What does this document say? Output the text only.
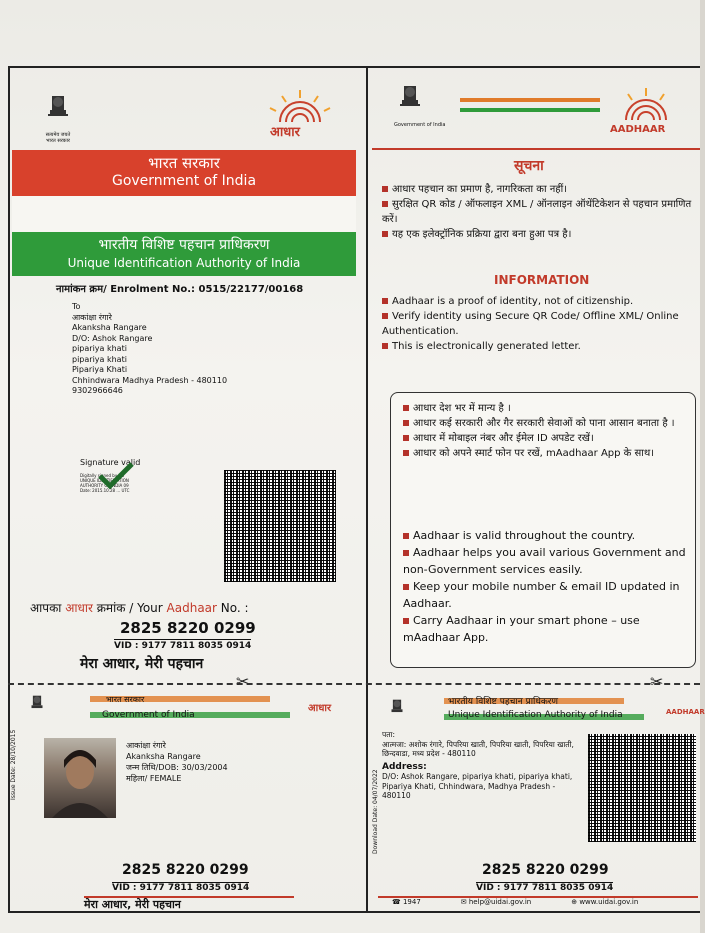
✂	✂
सत्यमेव जयते
भारत सरकार
आधार
भारत सरकार
Government of India
भारतीय विशिष्ट पहचान प्राधिकरण
Unique Identification Authority of India
नामांकन क्रम/ Enrolment No.: 0515/22177/00168
To
आकांक्षा रंगारे
Akanksha Rangare
D/O: Ashok Rangare
pipariya khati
pipariya khati
Pipariya Khati
Chhindwara Madhya Pradesh - 480110
9302966646
Signature valid
Digitally signed by DS UNIQUE IDENTIFICATION AUTHORITY OF INDIA 09 Date: 2015.10.28 ... UTC
आपका आधार क्रमांक / Your Aadhaar No. :
2825 8220 0299
VID : 9177 7811 8035 0914
मेरा आधार, मेरी पहचान
Government of India	AADHAAR
सूचना
आधार पहचान का प्रमाण है, नागरिकता का नहीं।
सुरक्षित QR कोड / ऑफलाइन XML / ऑनलाइन ऑथेंटिकेशन से पहचान प्रमाणित करें।
यह एक इलेक्ट्रॉनिक प्रक्रिया द्वारा बना हुआ पत्र है।
INFORMATION
Aadhaar is a proof of identity, not of citizenship.
Verify identity using Secure QR Code/ Offline XML/ Online Authentication.
This is electronically generated letter.
आधार देश भर में मान्य है ।
आधार कई सरकारी और गैर सरकारी सेवाओं को पाना आसान बनाता है ।
आधार में मोबाइल नंबर और ईमेल ID अपडेट रखें।
आधार को अपने स्मार्ट फोन पर रखें, mAadhaar App के साथ।
Aadhaar is valid throughout the country.
Aadhaar helps you avail various Government and non-Government services easily.
Keep your mobile number & email ID updated in Aadhaar.
Carry Aadhaar in your smart phone – use mAadhaar App.
भारत सरकार
Government of India
आधार
Issue Date: 28/10/2015	आकांक्षा रंगारे
Akanksha Rangare
जन्म तिथि/DOB: 30/03/2004
महिला/ FEMALE
2825 8220 0299
VID : 9177 7811 8035 0914
मेरा आधार, मेरी पहचान
भारतीय विशिष्ट पहचान प्राधिकरण
Unique Identification Authority of India	AADHAAR
Download Date: 04/07/2022
पता:
आत्मजा: अशोक रंगारे, पिपरिया खाती, पिपरिया खाती, पिपरिया खाती, छिन्दवाडा, मध्य प्रदेश - 480110
Address:
D/O: Ashok Rangare, pipariya khati, pipariya khati, Pipariya Khati, Chhindwara, Madhya Pradesh - 480110
2825 8220 0299
VID : 9177 7811 8035 0914
☎ 1947	✉ help@uidai.gov.in	⊕ www.uidai.gov.in
